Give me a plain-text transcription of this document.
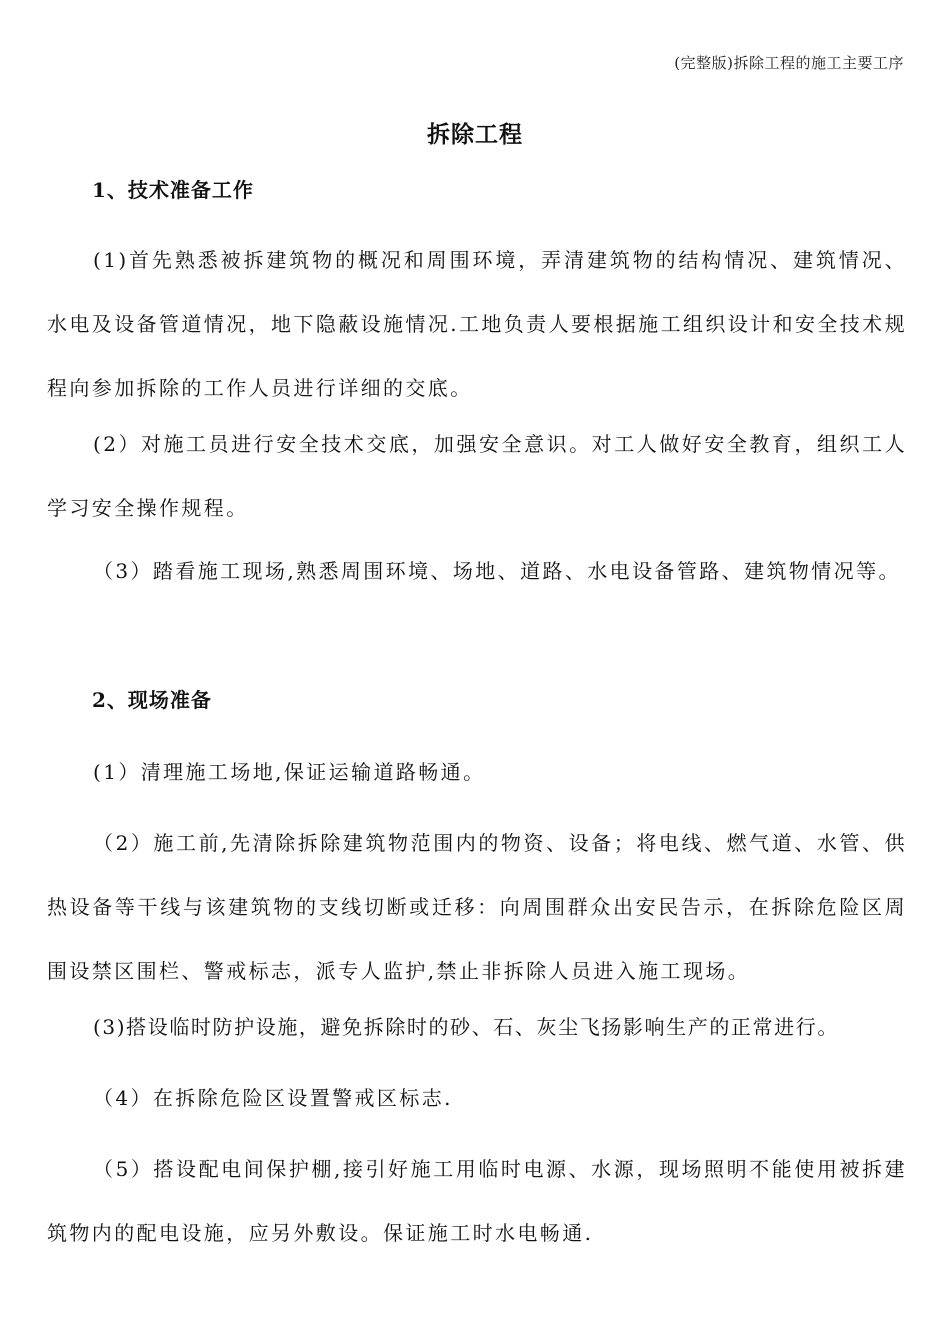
(完整版)拆除工程的施工主要工序
拆除工程
1、技术准备工作

(1)首先熟悉被拆建筑物的概况和周围环境，弄清建筑物的结构情况、建筑情况、水电及设备管道情况，地下隐蔽设施情况.工地负责人要根据施工组织设计和安全技术规程向参加拆除的工作人员进行详细的交底。

(2）对施工员进行安全技术交底，加强安全意识。对工人做好安全教育，组织工人学习安全操作规程。

（3）踏看施工现场,熟悉周围环境、场地、道路、水电设备管路、建筑物情况等。

2、现场准备

(1）清理施工场地,保证运输道路畅通。

（2）施工前,先清除拆除建筑物范围内的物资、设备；将电线、燃气道、水管、供热设备等干线与该建筑物的支线切断或迁移：向周围群众出安民告示，在拆除危险区周围设禁区围栏、警戒标志，派专人监护,禁止非拆除人员进入施工现场。

(3)搭设临时防护设施，避免拆除时的砂、石、灰尘飞扬影响生产的正常进行。

（4）在拆除危险区设置警戒区标志.

（5）搭设配电间保护棚,接引好施工用临时电源、水源，现场照明不能使用被拆建筑物内的配电设施，应另外敷设。保证施工时水电畅通.
